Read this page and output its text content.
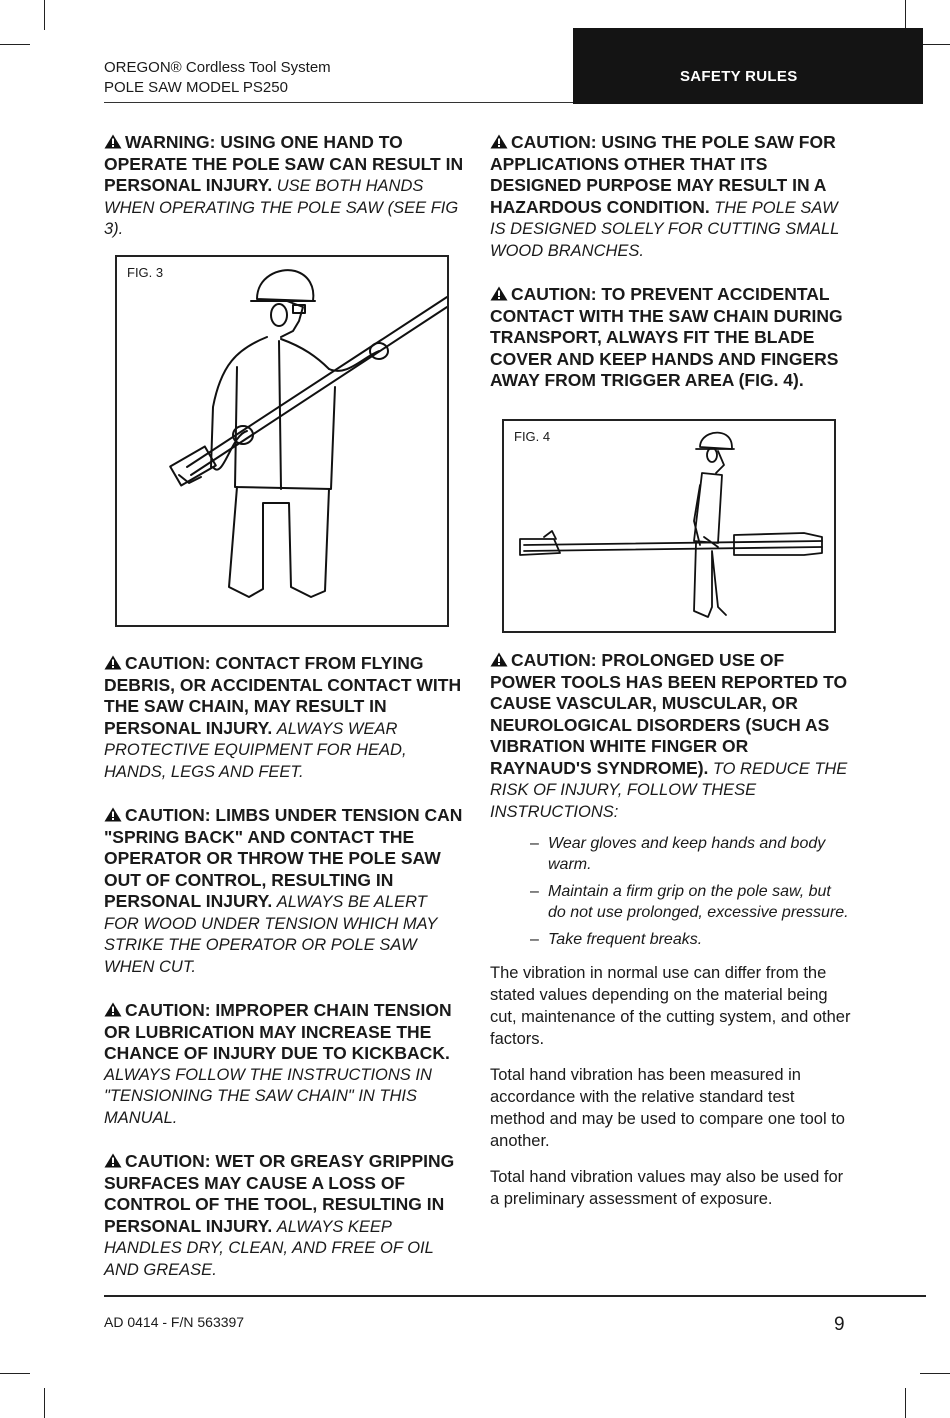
OREGON® Cordless Tool System
POLE SAW MODEL PS250
SAFETY RULES
WARNING: USING ONE HAND TO OPERATE THE POLE SAW CAN RESULT IN PERSONAL INJURY. USE BOTH HANDS WHEN OPERATING THE POLE SAW (SEE FIG 3).
FIG. 3
CAUTION: CONTACT FROM FLYING DEBRIS, OR ACCIDENTAL CONTACT WITH THE SAW CHAIN, MAY RESULT IN PERSONAL INJURY. ALWAYS WEAR PROTECTIVE EQUIPMENT FOR HEAD, HANDS, LEGS AND FEET.
CAUTION: LIMBS UNDER TENSION CAN "SPRING BACK" AND CONTACT THE OPERATOR OR THROW THE POLE SAW OUT OF CONTROL, RESULTING IN PERSONAL INJURY. ALWAYS BE ALERT FOR WOOD UNDER TENSION WHICH MAY STRIKE THE OPERATOR OR POLE SAW WHEN CUT.
CAUTION: IMPROPER CHAIN TENSION OR LUBRICATION MAY INCREASE THE CHANCE OF INJURY DUE TO KICKBACK. ALWAYS FOLLOW THE INSTRUCTIONS IN "TENSIONING THE SAW CHAIN" IN THIS MANUAL.
CAUTION: WET OR GREASY GRIPPING SURFACES MAY CAUSE A LOSS OF CONTROL OF THE TOOL, RESULTING IN PERSONAL INJURY. ALWAYS KEEP HANDLES DRY, CLEAN, AND FREE OF OIL AND GREASE.
CAUTION: USING THE POLE SAW FOR APPLICATIONS OTHER THAT ITS DESIGNED PURPOSE MAY RESULT IN A HAZARDOUS CONDITION. THE POLE SAW IS DESIGNED SOLELY FOR CUTTING SMALL WOOD BRANCHES.
CAUTION: TO PREVENT ACCIDENTAL CONTACT WITH THE SAW CHAIN DURING TRANSPORT, ALWAYS FIT THE BLADE COVER AND KEEP HANDS AND FINGERS AWAY FROM TRIGGER AREA (FIG. 4).
FIG. 4
CAUTION: PROLONGED USE OF POWER TOOLS HAS BEEN REPORTED TO CAUSE VASCULAR, MUSCULAR, OR NEUROLOGICAL DISORDERS (SUCH AS VIBRATION WHITE FINGER OR RAYNAUD'S SYNDROME). TO REDUCE THE RISK OF INJURY, FOLLOW THESE INSTRUCTIONS:
– Wear gloves and keep hands and body warm.
– Maintain a firm grip on the pole saw, but do not use prolonged, excessive pressure.
– Take frequent breaks.

The vibration in normal use can differ from the stated values depending on the material being cut, maintenance of the cutting system, and other factors.

Total hand vibration has been measured in accordance with the relative standard test method and may be used to compare one tool to another.

Total hand vibration values may also be used for a preliminary assessment of exposure.

AD 0414 - F/N 563397	9
